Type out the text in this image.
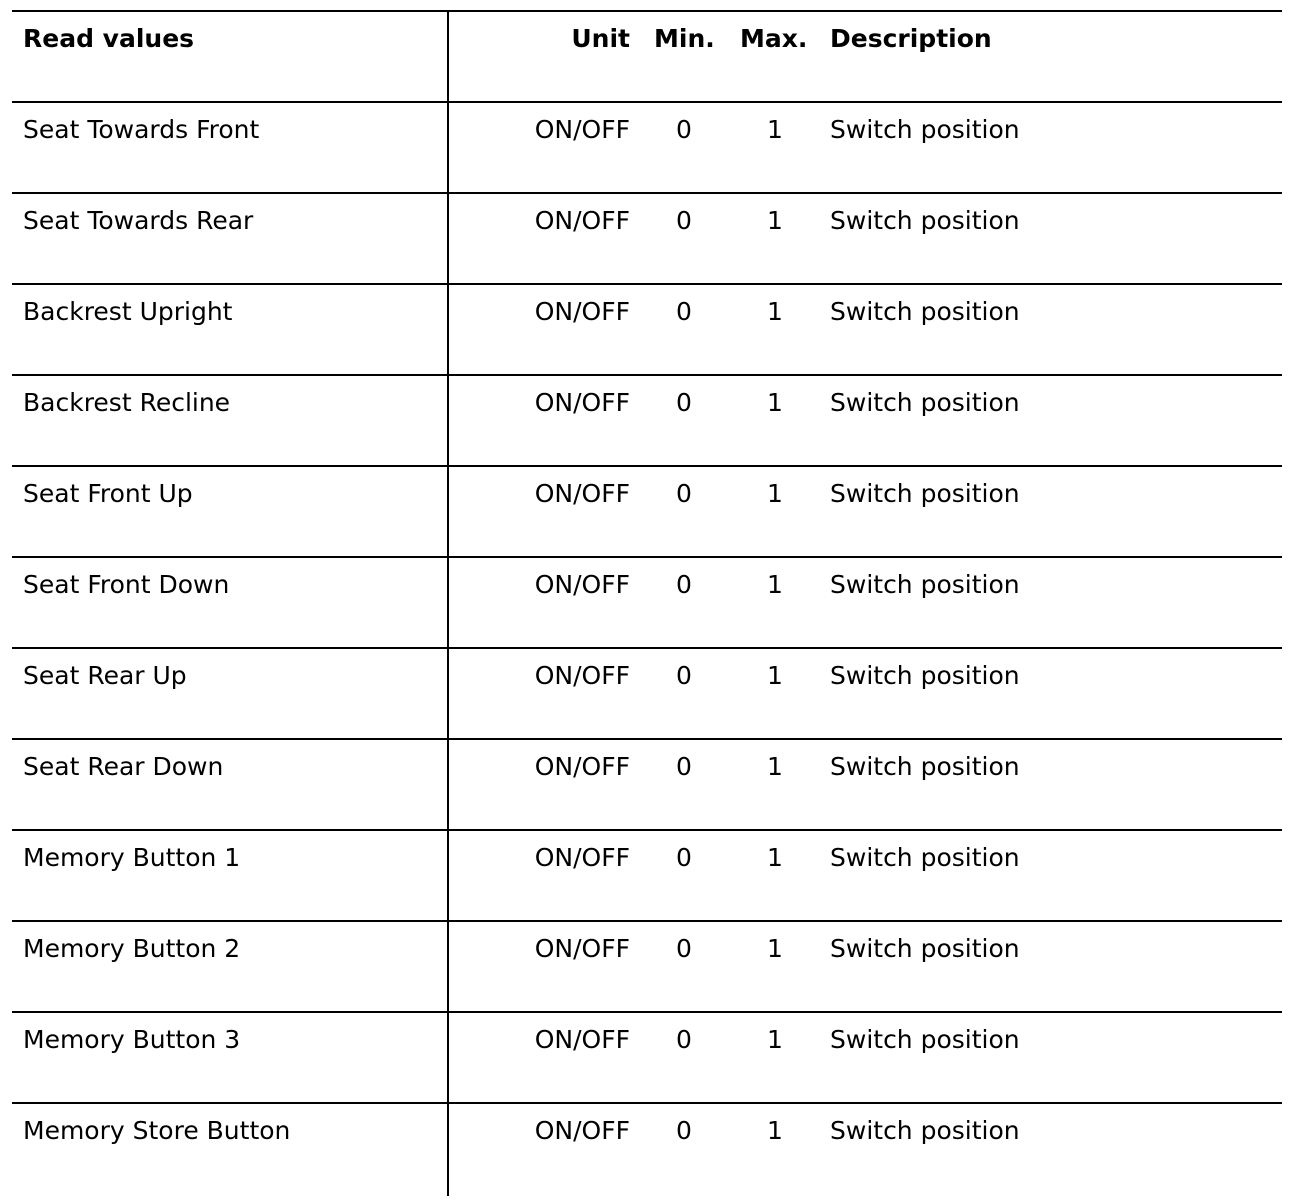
Read values	Unit Min. Max. Description
Seat Towards Front	ON/OFF 0	1 Switch position
Seat Towards Rear	ON/OFF 0	1 Switch position
Backrest Upright	ON/OFF 0	1 Switch position
Backrest Recline	ON/OFF 0	1 Switch position
Seat Front Up	ON/OFF 0	1 Switch position
Seat Front Down	ON/OFF 0	1 Switch position
Seat Rear Up	ON/OFF 0	1 Switch position
Seat Rear Down	ON/OFF 0	1 Switch position
Memory Button 1	ON/OFF 0	1 Switch position
Memory Button 2	ON/OFF 0	1 Switch position
Memory Button 3	ON/OFF 0	1 Switch position
Memory Store Button	ON/OFF 0	1 Switch position
